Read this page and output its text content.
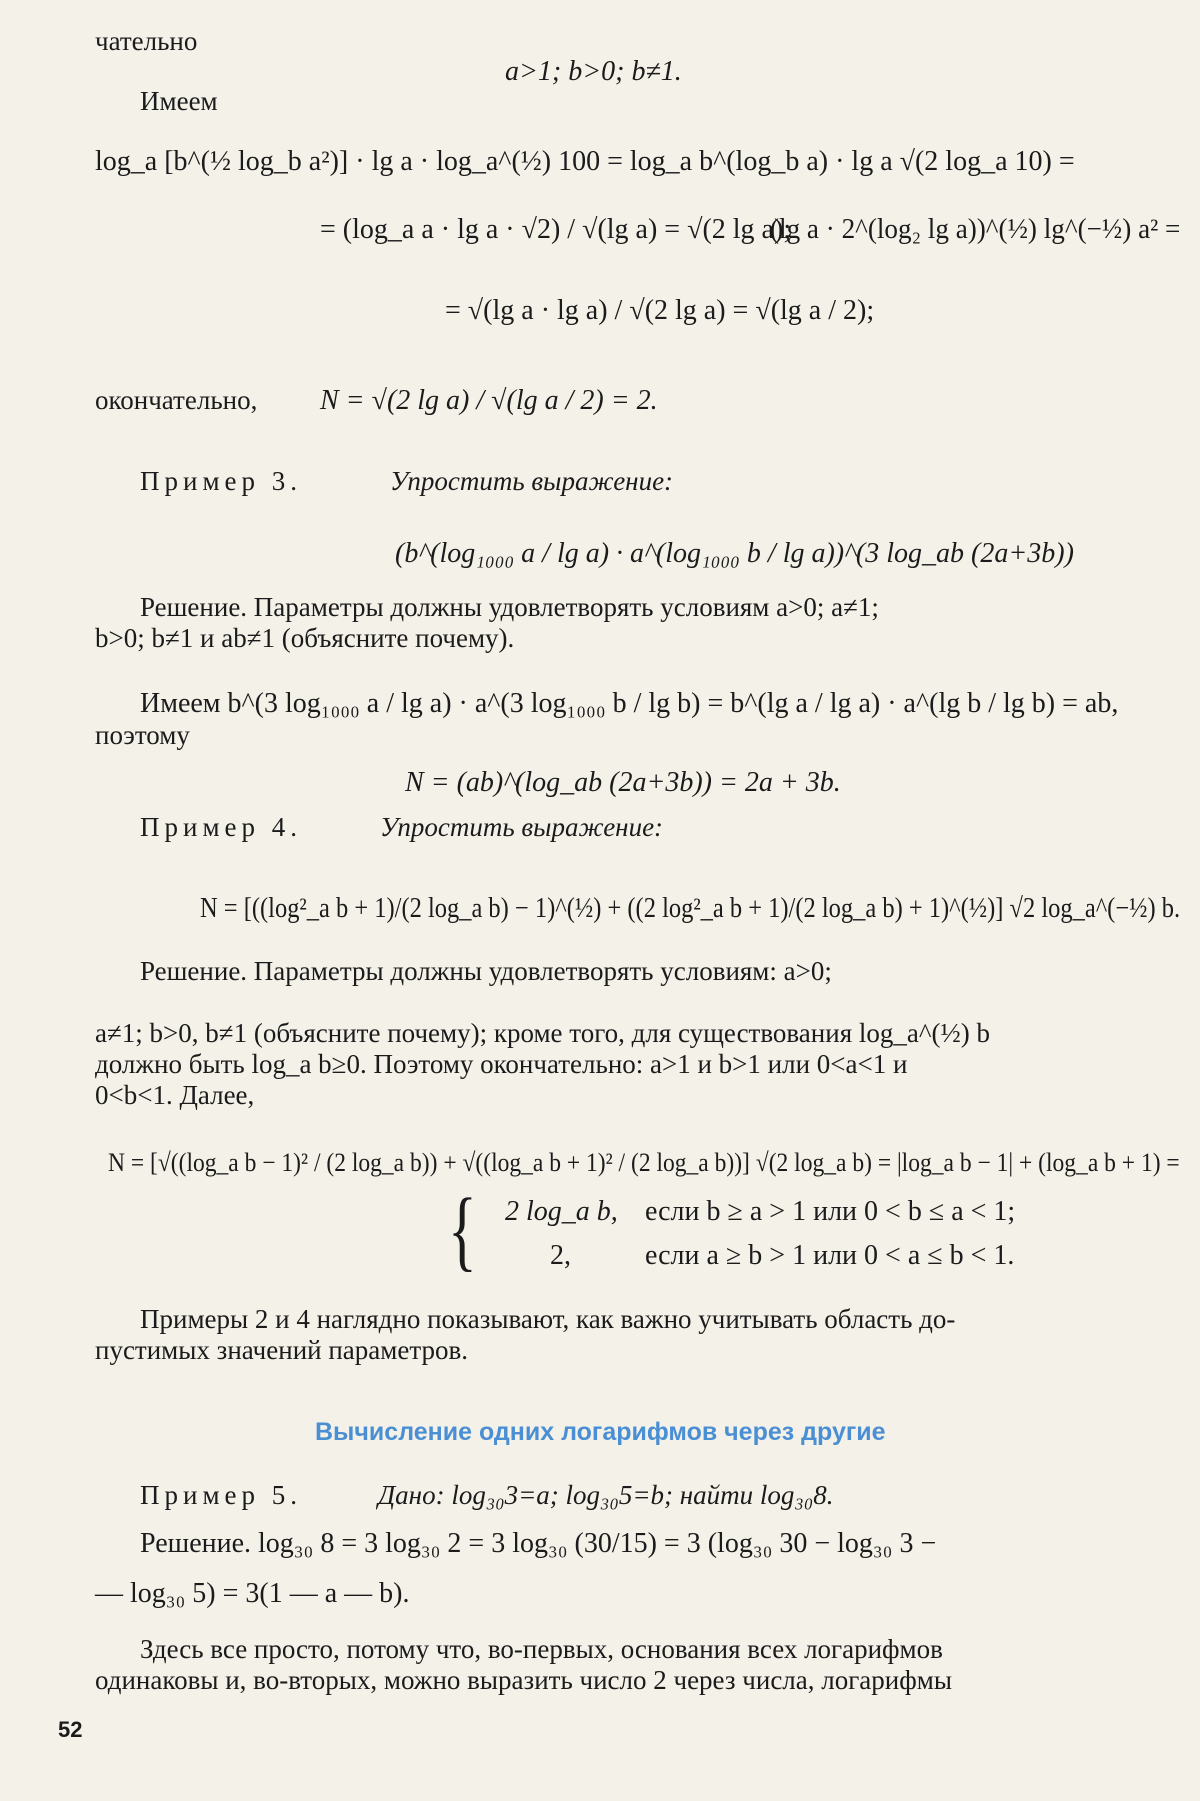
чательно
a>1; b>0; b≠1.
Имеем
log_a [b^(½ log_b a²)] · lg a · log_a^(½) 100 = log_a b^(log_b a) · lg a √(2 log_a 10) =
= (log_a a · lg a · √2) / √(lg a) = √(2 lg a);
(lg a · 2^(log₂ lg a))^(½) lg^(−½) a² =
= √(lg a · lg a) / √(2 lg a) = √(lg a / 2);
окончательно, N = √(2 lg a) / √(lg a / 2) = 2.
Пример 3.	Упростить выражение:
(b^(log₁₀₀₀ a / lg a) · a^(log₁₀₀₀ b / lg a))^(3 log_ab (2a+3b))
Решение. Параметры должны удовлетворять условиям a>0; a≠1;
b>0; b≠1 и ab≠1 (объясните почему).
Имеем b^(3 log₁₀₀₀ a / lg a) · a^(3 log₁₀₀₀ b / lg b) = b^(lg a / lg a) · a^(lg b / lg b) = ab,
поэтому
N = (ab)^(log_ab (2a+3b)) = 2a + 3b.
Пример 4.	Упростить выражение:
N = [((log²_a b + 1)/(2 log_a b) − 1)^(½) + ((2 log²_a b + 1)/(2 log_a b) + 1)^(½)] √2 log_a^(−½) b.
Решение. Параметры должны удовлетворять условиям: a>0;
a≠1; b>0, b≠1 (объясните почему); кроме того, для существования log_a^(½) b
должно быть log_a b≥0. Поэтому окончательно: a>1 и b>1 или 0<a<1 и
0<b<1. Далее,
N = [√((log_a b − 1)² / (2 log_a b)) + √((log_a b + 1)² / (2 log_a b))] √(2 log_a b) = |log_a b − 1| + (log_a b + 1) =
{ 2 log_a b, если b ≥ a > 1 или 0 < b ≤ a < 1;
2,	если a ≥ b > 1 или 0 < a ≤ b < 1.
Примеры 2 и 4 наглядно показывают, как важно учитывать область до-
пустимых значений параметров.
Вычисление одних логарифмов через другие
Пример 5.	Дано: log₃₀3=a; log₃₀5=b; найти log₃₀8.
Решение. log₃₀ 8 = 3 log₃₀ 2 = 3 log₃₀ (30/15) = 3 (log₃₀ 30 − log₃₀ 3 −
— log₃₀ 5) = 3(1 — a — b).
Здесь все просто, потому что, во-первых, основания всех логарифмов
одинаковы и, во-вторых, можно выразить число 2 через числа, логарифмы
52
